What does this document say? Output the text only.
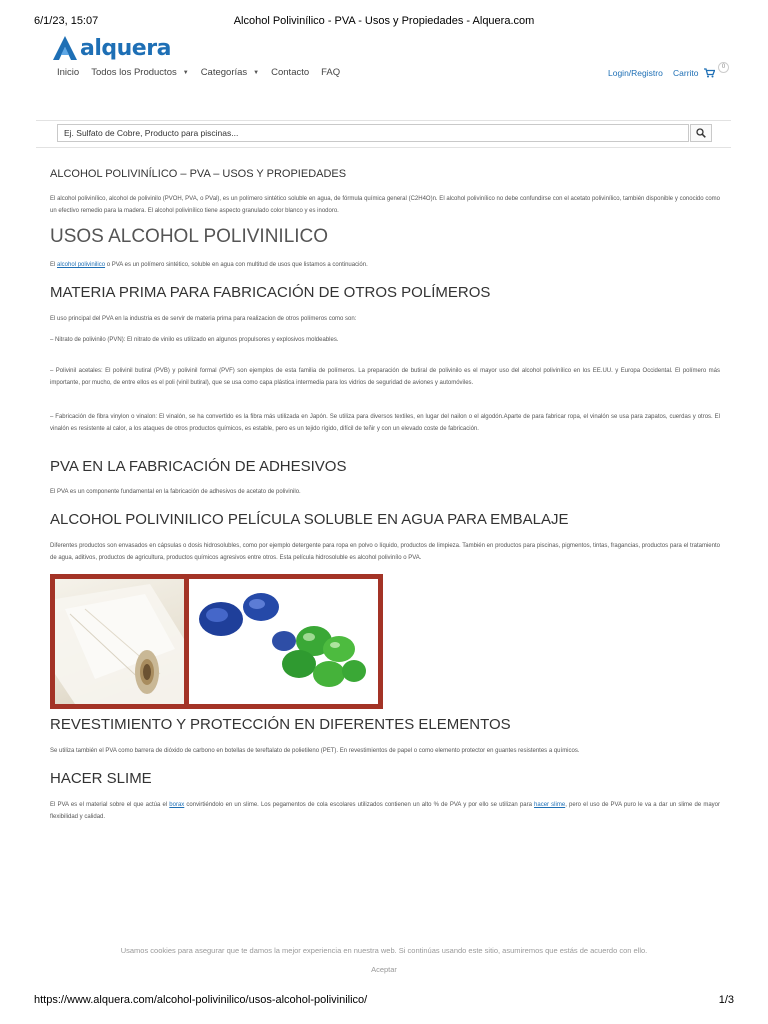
6/1/23, 15:07	Alcohol Polivinílico - PVA - Usos y Propiedades - Alquera.com
alquera
Inicio Todos los Productos ▼ Categorías ▼ Contacto FAQ	Login/Registro Carrito
0
Ej. Sulfato de Cobre, Producto para piscinas...
ALCOHOL POLIVINÍLICO – PVA – USOS Y PROPIEDADES
El alcohol polivinílico, alcohol de polivinilo (PVOH, PVA, o PVal), es un polímero sintético soluble en agua, de fórmula química general (C2H4O)n. El alcohol polivinílico no debe confundirse con el acetato polivinílico, también disponible y conocido como un efectivo remedio para la madera. El alcohol polivinílico tiene aspecto granulado color blanco y es inodoro.
USOS ALCOHOL POLIVINILICO
El alcohol polivinilico o PVA es un polímero sintético, soluble en agua con multitud de usos que listamos a continuación.
MATERIA PRIMA PARA FABRICACIÓN DE OTROS POLÍMEROS
El uso principal del PVA en la industria es de servir de materia prima para realizacion de otros polímeros como son:
– Nitrato de polivinilo (PVN): El nitrato de vinilo es utilizado en algunos propulsores y explosivos moldeables.
– Polivinil acetales: El polivinil butiral (PVB) y polivinil formal (PVF) son ejemplos de esta familia de polímeros. La preparación de butiral de polivinilo es el mayor uso del alcohol polivinílico en los EE.UU. y Europa Occidental. El polímero más importante, por mucho, de entre ellos es el poli (vinil butiral), que se usa como capa plástica intermedia para los vidrios de seguridad de aviones y automóviles.
– Fabricación de fibra vinylon o vinalon: El vinalón, se ha convertido es la fibra más utilizada en Japón. Se utiliza para diversos textiles, en lugar del nailon o el algodón.Aparte de para fabricar ropa, el vinalón se usa para zapatos, cuerdas y otros. El vinalón es resistente al calor, a los ataques de otros productos químicos, es estable, pero es un tejido rígido, difícil de teñir y con un elevado coste de fabricación.
PVA EN LA FABRICACIÓN DE ADHESIVOS
El PVA es un componente fundamental en la fabricación de adhesivos de acetato de polivinilo.
ALCOHOL POLIVINILICO PELÍCULA SOLUBLE EN AGUA PARA EMBALAJE
Diferentes productos son envasados en cápsulas o dosis hidrosolubles, como por ejemplo detergente para ropa en polvo o líquido, productos de limpieza. También en productos para piscinas, pigmentos, tintas, fragancias, productos para el tratamiento de agua, aditivos, productos de agricultura, productos químicos agresivos entre otros. Esta película hidrosoluble es alcohol polivinílo o PVA.
REVESTIMIENTO Y PROTECCIÓN EN DIFERENTES ELEMENTOS
Se utiliza también el PVA como barrera de dióxido de carbono en botellas de tereftalato de polietileno (PET). En revestimientos de papel o como elemento protector en guantes resistentes a químicos.
HACER SLIME
El PVA es el material sobre el que actúa el borax convirtiéndolo en un slime. Los pegamentos de cola escolares utilizados contienen un alto % de PVA y por ello se utilizan para hacer slime, pero el uso de PVA puro le va a dar un slime de mayor flexibilidad y calidad.
Usamos cookies para asegurar que te damos la mejor experiencia en nuestra web. Si continúas usando este sitio, asumiremos que estás de acuerdo con ello.
Aceptar
https://www.alquera.com/alcohol-polivinilico/usos-alcohol-polivinilico/	1/3
